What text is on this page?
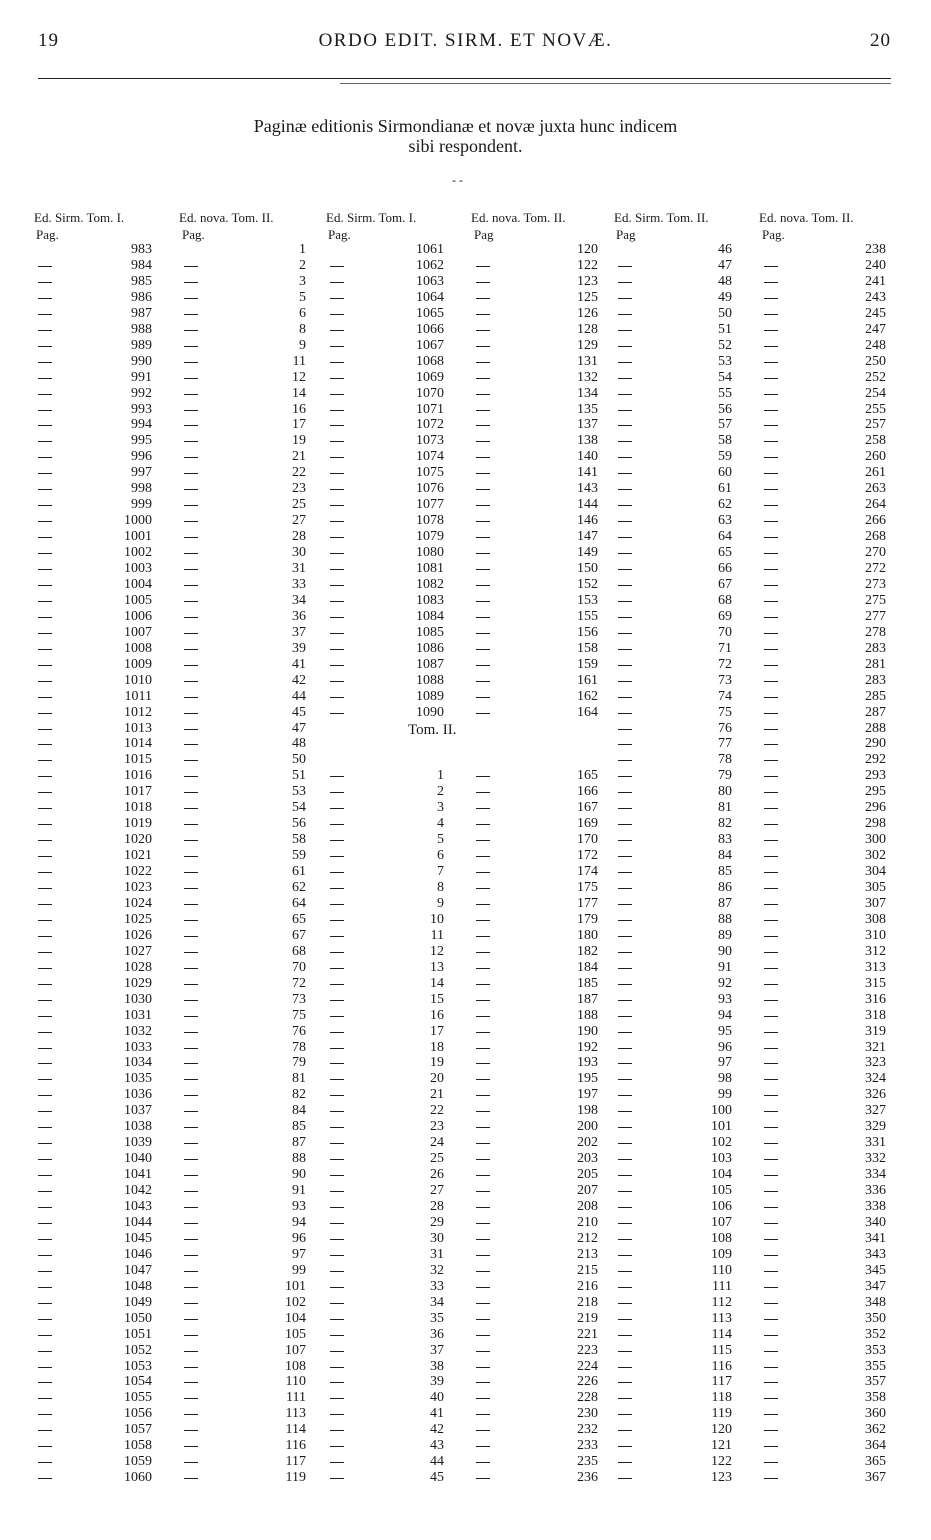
19	ORDO EDIT. SIRM. ET NOVÆ.	20
Paginæ editionis Sirmondianæ et novæ juxta hunc indicem
sibi respondent.
- -
Ed. Sirm. Tom. I.	Ed. nova. Tom. II.
Pag.	Pag.
983	1
984	2
985	3
986	5
987	6
988	8
989	9
990	11
991	12
992	14
993	16
994	17
995	19
996	21
997	22
998	23
999	25
1000	27
1001	28
1002	30
1003	31
1004	33
1005	34
1006	36
1007	37
1008	39
1009	41
1010	42
1011	44
1012	45
1013	47
1014	48
1015	50
1016	51
1017	53
1018	54
1019	56
1020	58
1021	59
1022	61
1023	62
1024	64
1025	65
1026	67
1027	68
1028	70
1029	72
1030	73
1031	75
1032	76
1033	78
1034	79
1035	81
1036	82
1037	84
1038	85
1039	87
1040	88
1041	90
1042	91
1043	93
1044	94
1045	96
1046	97
1047	99
1048	101
1049	102
1050	104
1051	105
1052	107
1053	108
1054	110
1055	111
1056	113
1057	114
1058	116
1059	117
1060	119
Ed. Sirm. Tom. I.	Ed. nova. Tom. II.
Pag.	Pag
Tom. II.
1061	120
1062	122
1063	123
1064	125
1065	126
1066	128
1067	129
1068	131
1069	132
1070	134
1071	135
1072	137
1073	138
1074	140
1075	141
1076	143
1077	144
1078	146
1079	147
1080	149
1081	150
1082	152
1083	153
1084	155
1085	156
1086	158
1087	159
1088	161
1089	162
1090	164
1	165
2	166
3	167
4	169
5	170
6	172
7	174
8	175
9	177
10	179
11	180
12	182
13	184
14	185
15	187
16	188
17	190
18	192
19	193
20	195
21	197
22	198
23	200
24	202
25	203
26	205
27	207
28	208
29	210
30	212
31	213
32	215
33	216
34	218
35	219
36	221
37	223
38	224
39	226
40	228
41	230
42	232
43	233
44	235
45	236
Ed. Sirm. Tom. II.	Ed. nova. Tom. II.
Pag	Pag.
46	238
47	240
48	241
49	243
50	245
51	247
52	248
53	250
54	252
55	254
56	255
57	257
58	258
59	260
60	261
61	263
62	264
63	266
64	268
65	270
66	272
67	273
68	275
69	277
70	278
71	283
72	281
73	283
74	285
75	287
76	288
77	290
78	292
79	293
80	295
81	296
82	298
83	300
84	302
85	304
86	305
87	307
88	308
89	310
90	312
91	313
92	315
93	316
94	318
95	319
96	321
97	323
98	324
99	326
100	327
101	329
102	331
103	332
104	334
105	336
106	338
107	340
108	341
109	343
110	345
111	347
112	348
113	350
114	352
115	353
116	355
117	357
118	358
119	360
120	362
121	364
122	365
123	367
